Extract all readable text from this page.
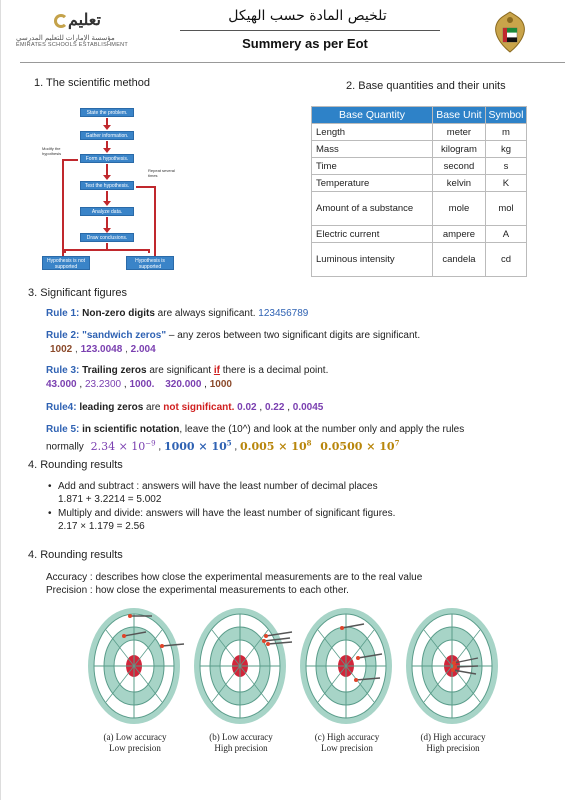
تعليم
مؤسسة الإمارات للتعليم المدرسي
EMIRATES SCHOOLS ESTABLISHMENT
تلخيص المادة حسب الهيكل
Summery as per Eot
1. The scientific method
State the problem.
Gather information.
Form a hypothesis.
Test the hypothesis.
Analyze data.
Draw conclusions.
Hypothesis is not supported
Hypothesis is supported
Modify the hypothesis
Repeat several times
2. Base quantities and their units
Base Quantity	Base Unit	Symbol
Length	meter	m
Mass	kilogram	kg
Time	second	s
Temperature	kelvin	K
Amount of a substance	mole	mol
Electric current	ampere	A
Luminous intensity	candela	cd
3. Significant figures
Rule 1: Non-zero digits are always significant. 123456789
Rule 2: "sandwich zeros" – any zeros between two significant digits are significant.
1002 , 123.0048 , 2.004
Rule 3: Trailing zeros are significant if there is a decimal point.
43.000 , 23.2300 , 1000. 320.000 , 1000
Rule4: leading zeros are not significant. 0.02 , 0.22 , 0.0045
Rule 5: in scientific notation, leave the (10^) and look at the number only and apply the rules
normally $2.34 \times 10^{-9}$ , $1000 \times 10^5$ , $0.005 \times 10^8$ $0.0500 \times 10^7$
4. Rounding results
• Add and subtract : answers will have the least number of decimal places
1.871 + 3.2214 = 5.002
• Multiply and divide: answers will have the least number of significant figures.
2.17 × 1.179 = 2.56
4. Rounding results
Accuracy : describes how close the experimental measurements are to the real value
Precision : how close the experimental measurements to each other.
(a) Low accuracy
Low precision
(b) Low accuracy
High precision
(c) High accuracy
Low precision
(d) High accuracy
High precision
